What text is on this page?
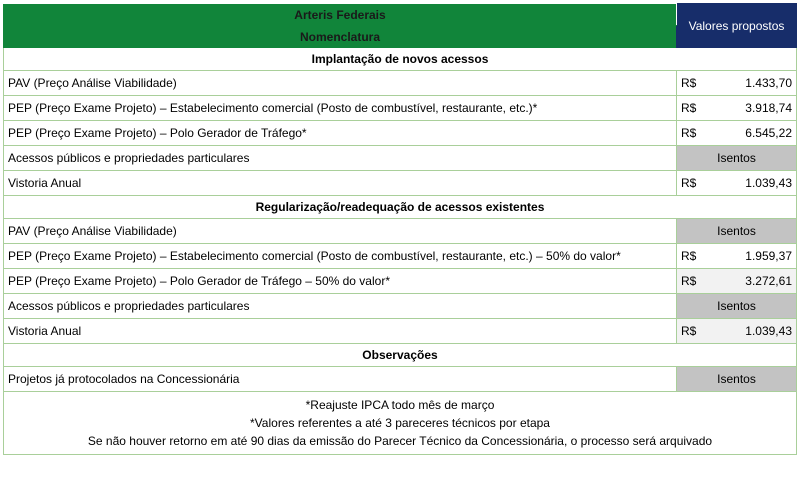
Arteris Federais	Valores propostos	
Nomenclatura		
Implantação de novos acessos		
PAV (Preço Análise Viabilidade)	R$	1.433,70
PEP (Preço Exame Projeto) – Estabelecimento comercial (Posto de combustível, restaurante, etc.)*	R$	3.918,74
PEP (Preço Exame Projeto) – Polo Gerador de Tráfego*	R$	6.545,22
Acessos públicos e propriedades particulares	Isentos	
Vistoria Anual	R$	1.039,43
Regularização/readequação de acessos existentes		
PAV (Preço Análise Viabilidade)	Isentos	
PEP (Preço Exame Projeto) – Estabelecimento comercial (Posto de combustível, restaurante, etc.) – 50% do valor*	R$	1.959,37
PEP (Preço Exame Projeto) – Polo Gerador de Tráfego – 50% do valor*	R$	3.272,61
Acessos públicos e propriedades particulares	Isentos	
Vistoria Anual	R$	1.039,43
Observações		
Projetos já protocolados na Concessionária	Isentos	

*Reajuste IPCA todo mês de março
*Valores referentes a até 3 pareceres técnicos por etapa
Se não houver retorno em até 90 dias da emissão do Parecer Técnico da Concessionária, o processo será arquivado		
